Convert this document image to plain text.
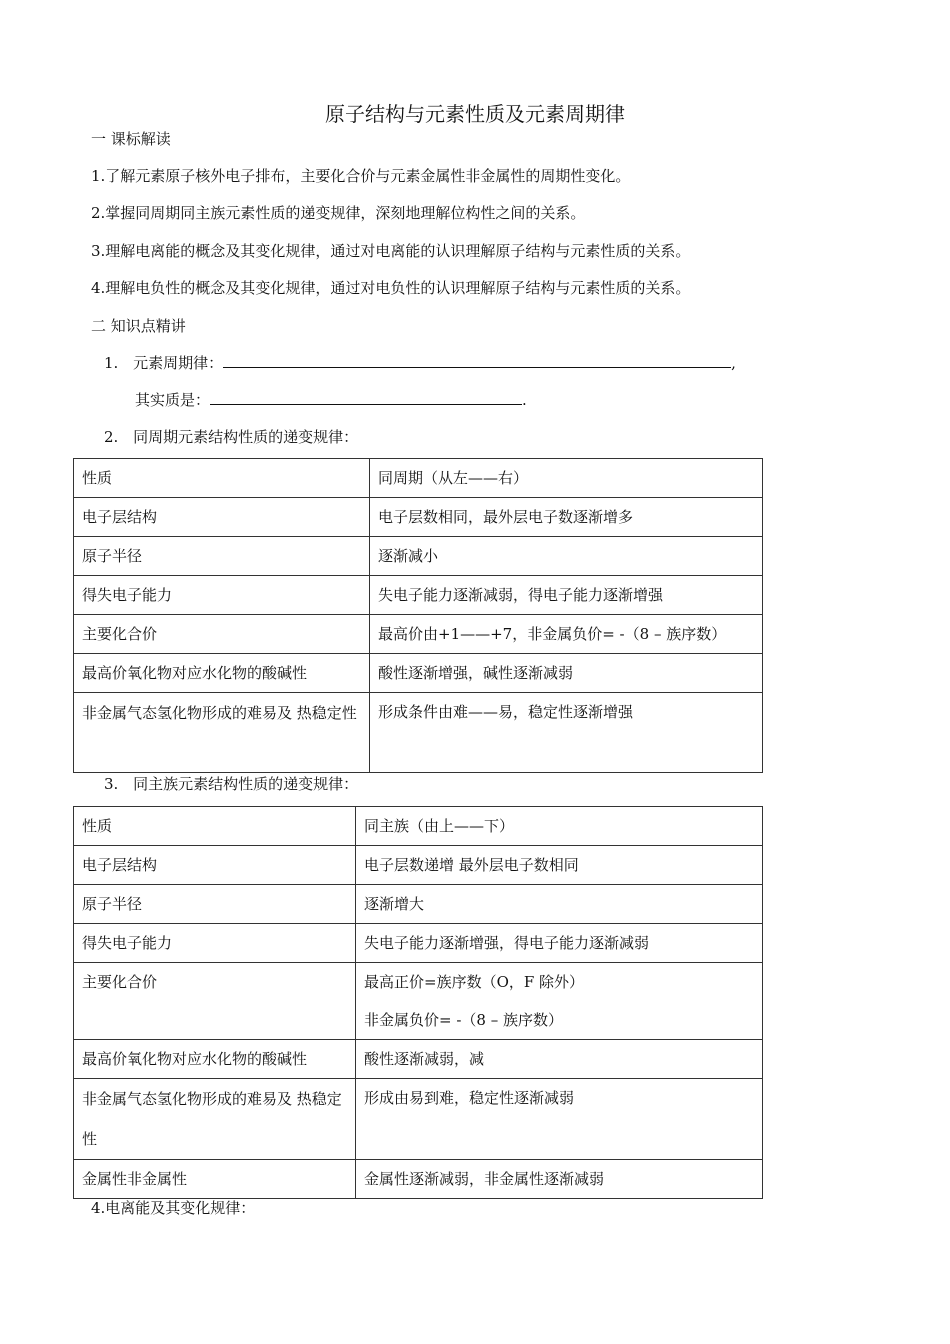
原子结构与元素性质及元素周期律
一 课标解读
1.了解元素原子核外电子排布，主要化合价与元素金属性非金属性的周期性变化。
2.掌握同周期同主族元素性质的递变规律，深刻地理解位构性之间的关系。
3.理解电离能的概念及其变化规律，通过对电离能的认识理解原子结构与元素性质的关系。
4.理解电负性的概念及其变化规律，通过对电负性的认识理解原子结构与元素性质的关系。
二 知识点精讲
1. 元素周期律：	,
其实质是：	.
2. 同周期元素结构性质的递变规律：
性质	同周期（从左——右）
电子层结构	电子层数相同，最外层电子数逐渐增多
原子半径	逐渐减小
得失电子能力	失电子能力逐渐减弱，得电子能力逐渐增强
主要化合价	最高价由+1——+7，非金属负价= -（8 – 族序数）
最高价氧化物对应水化物的酸碱性	酸性逐渐增强，碱性逐渐减弱
非金属气态氢化物形成的难易及 热稳定性	形成条件由难——易，稳定性逐渐增强
3. 同主族元素结构性质的递变规律：
性质	同主族（由上——下）
电子层结构	电子层数递增 最外层电子数相同
原子半径	逐渐增大
得失电子能力	失电子能力逐渐增强，得电子能力逐渐减弱
主要化合价	最高正价=族序数（O，F 除外）
非金属负价= -（8 – 族序数）

最高价氧化物对应水化物的酸碱性	酸性逐渐减弱，减
非金属气态氢化物形成的难易及 热稳定性	形成由易到难，稳定性逐渐减弱
金属性非金属性	金属性逐渐减弱，非金属性逐渐减弱
4.电离能及其变化规律：
